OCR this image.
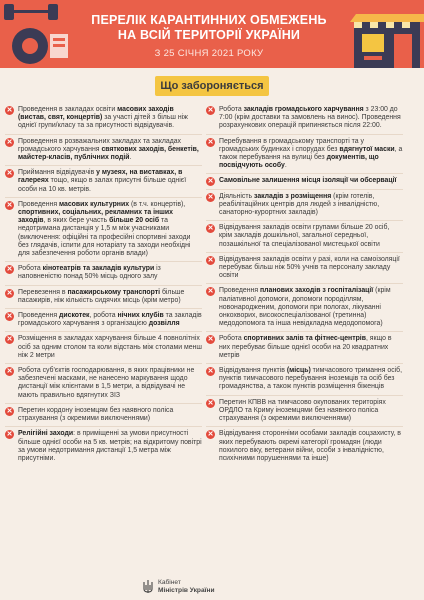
ПЕРЕЛІК КАРАНТИННИХ ОБМЕЖЕНЬ
НА ВСІЙ ТЕРИТОРІЇ УКРАЇНИ
З 25 СІЧНЯ 2021 РОКУ
Що забороняється
✕ Проведення в закладах освіти масових заходів (вистав, свят, концертів) за участі дітей з більш ніж однієї групи/класу та за присутності відвідувачів.
✕ Проведення в розважальних закладах та закладах громадського харчування святкових заходів, бенкетів, майстер-класів, публічних подій.
✕ Приймання відвідувачів у музеях, на виставках, в галереях тощо, якщо в залах присутні більше однієї особи на 10 кв. метрів.
✕ Проведення масових культурних (в т.ч. концертів), спортивних, соціальних, рекламних та інших заходів, в яких бере участь більше 20 осіб та недотримана дистанція у 1,5 м між учасниками (виключення: офіційні та професійні спортивні заходи без глядачів, іспити для нотаріату та заходи необхідні для забезпечення роботи органів влади)
✕ Робота кінотеатрів та закладів культури із наповненістю понад 50% місць одного залу
✕ Перевезення в пасажирському транспорті більше пасажирів, ніж кількість сидячих місць (крім метро)
✕ Проведення дискотек, робота нічних клубів та закладів громадського харчування з організацією дозвілля
✕ Розміщення в закладах харчування більше 4 повнолітніх осіб за одним столом та коли відстань між столами менш ніж 2 метри
✕ Робота суб'єктів господарювання, в яких працівники не забезпечені масками, не нанесено маркування щодо дистанції між клієнтами в 1,5 метри, а відвідувачі не мають правильно вдягнутих ЗІЗ
✕ Перетин кордону іноземцям без наявного поліса страхування (з окремими виключеннями)
✕ Релігійні заходи: в приміщенні за умови присутності більше однієї особи на 5 кв. метрів; на відкритому повітрі за умови недотримання дистанції 1,5 метра між присутніми.
✕ Робота закладів громадського харчування з 23:00 до 7:00 (крім доставки та замовлень на винос). Проведення розрахункових операцій припиняється після 22:00.
✕ Перебування в громадському транспорті та у громадських будинках і спорудах без вдягнутої маски, а також перебування на вулиці без документів, що посвідчують особу.
✕ Самовільне залишення місця ізоляції чи обсервації
✕ Діяльність закладів з розміщення (крім готелів, реабілітаційних центрів для людей з інвалідністю, санаторно-курортних закладів)
✕ Відвідування закладів освіти групами більше 20 осіб, крім закладів дошкільної, загальної середньої, позашкільної та спеціалізованої мистецької освіти
✕ Відвідування закладів освіти у разі, коли на самоізоляції перебуває більш ніж 50% учнів та персоналу закладу освіти
✕ Проведення планових заходів з госпіталізації (крім паліативної допомоги, допомоги породіллям, новонародженим, допомоги при пологах, лікуванні онкохворих, високоспеціалізованої (третинна) медодопомога та інша невідкладна медодопомога)
✕ Робота спортивних залів та фітнес-центрів, якщо в них перебуває більше однієї особи на 20 квадратних метрів
✕ Відвідування пунктів (місць) тимчасового тримання осіб, пунктів тимчасового перебування іноземців та осіб без громадянства, а також пунктів розміщення біженців
✕ Перетин КПВВ на тимчасово окупованих територіях ОРДЛО та Криму іноземцями без наявного поліса страхування (з окремими виключеннями)
✕ Відвідування сторонніми особами закладів соцзахисту, в яких перебувають окремі категорії громадян (люди похилого віку, ветерани війни, особи з інвалідністю, психічними порушеннями та інше)
Кабінет
Міністрів України
